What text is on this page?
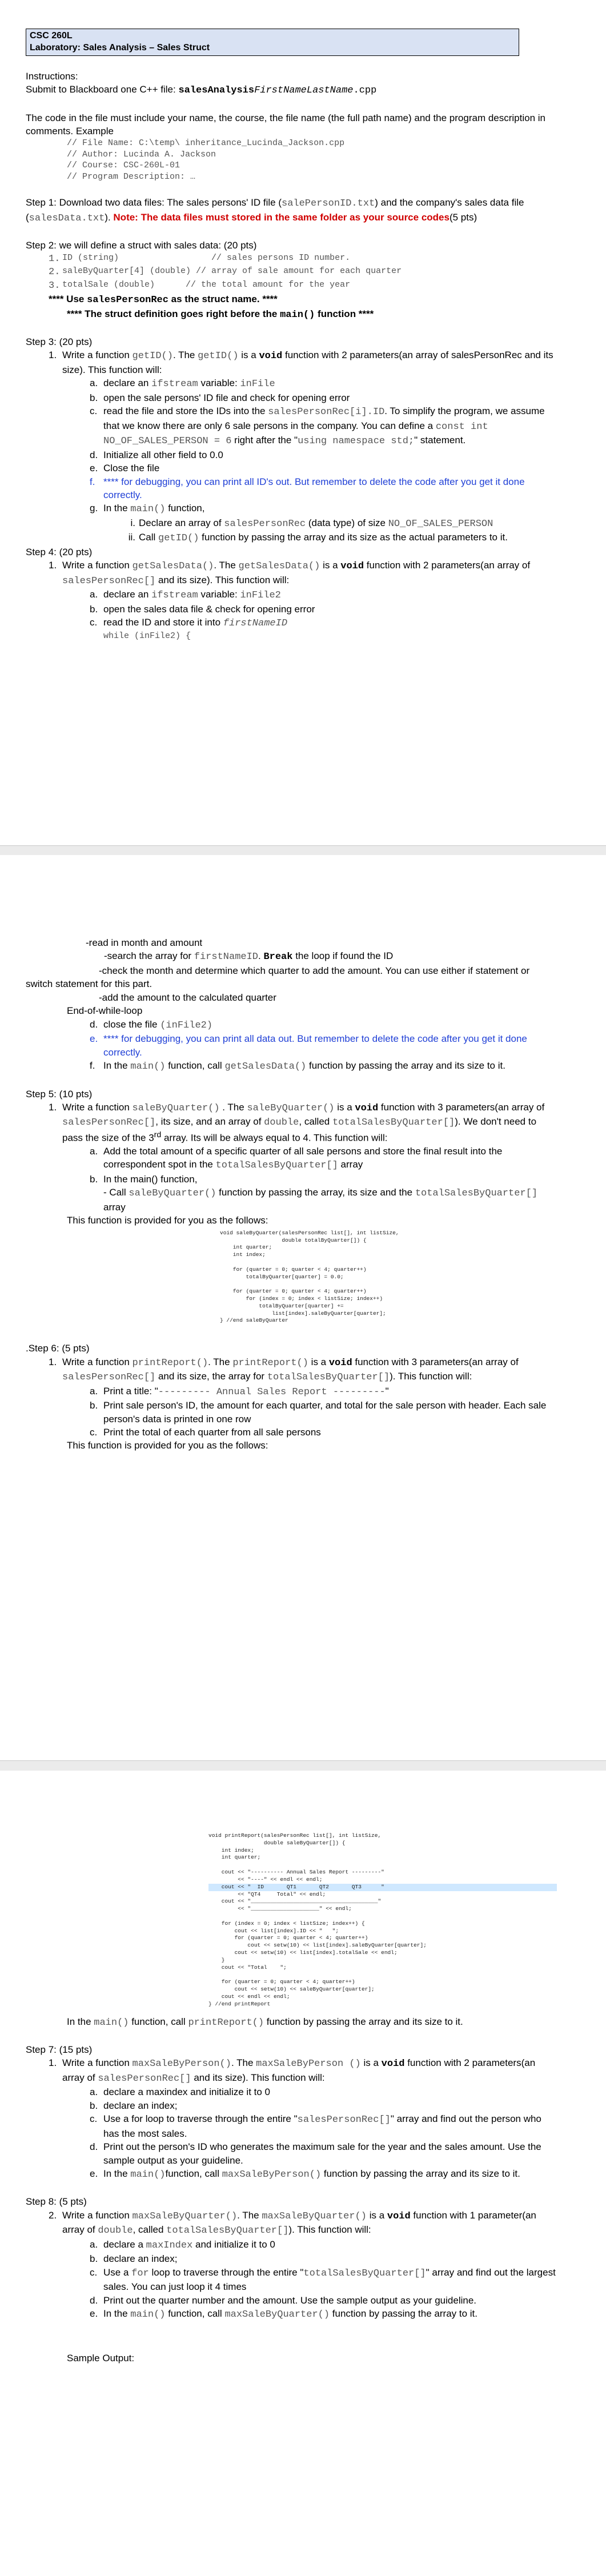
CSC 260L
Laboratory: Sales Analysis – Sales Struct

Instructions:

Submit to Blackboard one C++ file: salesAnalysisFirstNameLastName.cpp

The code in the file must include your name, the course, the file name (the full path name) and the program description in comments. Example

// File Name: C:\temp\ inheritance_Lucinda_Jackson.cpp
// Author: Lucinda A. Jackson
// Course: CSC-260L-01
// Program Description: …

Step 1: Download two data files: The sales persons' ID file (salePersonID.txt) and the company's sales data file (salesData.txt). Note: The data files must stored in the same folder as your source codes(5 pts)

Step 2: we will define a struct with sales data: (20 pts)

1. ID (string)                  // sales persons ID number.
2. saleByQuarter[4] (double) // array of sale amount for each quarter
3. totalSale (double)      // the total amount for the year

**** Use salesPersonRec as the struct name. ****

**** The struct definition goes right before the main() function ****

Step 3: (20 pts)

1. Write a function getID(). The getID() is a void function with 2 parameters(an array of salesPersonRec and its size). This function will:

a. declare an ifstream variable: inFile

b. open the sale persons' ID file and check for opening error

c. read the file and store the IDs into the salesPersonRec[i].ID. To simplify the program, we assume that we know there are only 6 sale persons in the company. You can define a const int NO_OF_SALES_PERSON = 6 right after the "using namespace std;" statement.

d. Initialize all other field to 0.0

e. Close the file

f. **** for debugging, you can print all ID's out. But remember to delete the code after you get it done correctly.

g. In the main() function,

i. Declare an array of salesPersonRec (data type) of size NO_OF_SALES_PERSON

ii. Call getID() function by passing the array and its size as the actual parameters to it.

Step 4: (20 pts)

1. Write a function getSalesData(). The getSalesData() is a void function with 2 parameters(an array of salesPersonRec[] and its size). This function will:

a. declare an ifstream variable: inFile2

b. open the sales data file & check for opening error

c. read the ID and store it into firstNameID

while (inFile2) {

-read in month and amount

-search the array for firstNameID. Break the loop if found the ID

-check the month and determine which quarter to add the amount. You can use either if statement or switch statement for this part.

-add the amount to the calculated quarter

End-of-while-loop

d. close the file (inFile2)

e. **** for debugging, you can print all data out. But remember to delete the code after you get it done correctly.

f. In the main() function, call getSalesData() function by passing the array and its size to it.

Step 5: (10 pts)

1. Write a function saleByQuarter() . The saleByQuarter() is a void function with 3 parameters(an array of salesPersonRec[], its size, and an array of double, called totalSalesByQuarter[]). We don't need to pass the size of the 3rd array. Its will be always equal to 4. This function will:

a. Add the total amount of a specific quarter of all sale persons and store the final result into the correspondent spot in the totalSalesByQuarter[] array

b. In the main() function,

- Call saleByQuarter() function by passing the array, its size and the totalSalesByQuarter[] array

This function is provided for you as the follows:

void saleByQuarter(salesPersonRec list[], int listSize,
double totalByQuarter[]) {
int quarter;
int index;

for (quarter = 0; quarter < 4; quarter++)
totalByQuarter[quarter] = 0.0;

for (quarter = 0; quarter < 4; quarter++)
for (index = 0; index < listSize; index++)
totalByQuarter[quarter] +=
list[index].saleByQuarter[quarter];
} //end saleByQuarter

.Step 6: (5 pts)

1. Write a function printReport(). The printReport() is a void function with 3 parameters(an array of salesPersonRec[] and its size, the array for totalSalesByQuarter[]). This function will:

a. Print a title: "--------- Annual Sales Report ---------"

b. Print sale person's ID, the amount for each quarter, and total for the sale person with header. Each sale person's data is printed in one row

c. Print the total of each quarter from all sale persons

This function is provided for you as the follows:

void printReport(salesPersonRec list[], int listSize,
double saleByQuarter[]) {
int index;
int quarter;

cout << "---------- Annual Sales Report ---------"
<< "----" << endl << endl;
cout << "  ID       QT1       QT2       QT3      "
<< "QT4     Total" << endl;
cout << "_______________________________________"
<< "_____________________" << endl;

for (index = 0; index < listSize; index++) {
cout << list[index].ID << "   ";
for (quarter = 0; quarter < 4; quarter++)
cout << setw(10) << list[index].saleByQuarter[quarter];
cout << setw(10) << list[index].totalSale << endl;
}
cout << "Total    ";

for (quarter = 0; quarter < 4; quarter++)
cout << setw(10) << saleByQuarter[quarter];
cout << endl << endl;
} //end printReport

In the main() function, call printReport() function by passing the array and its size to it.

Step 7: (15 pts)

1. Write a function maxSaleByPerson(). The maxSaleByPerson () is a void function with 2 parameters(an array of salesPersonRec[] and its size). This function will:

a. declare a maxindex and initialize it to 0

b. declare an index;

c. Use a for loop to traverse through the entire "salesPersonRec[]" array and find out the person who has the most sales.

d. Print out the person's ID who generates the maximum sale for the year and the sales amount. Use the sample output as your guideline.

e. In the main()function, call maxSaleByPerson() function by passing the array and its size to it.

Step 8: (5 pts)

2. Write a function maxSaleByQuarter(). The maxSaleByQuarter() is a void function with 1 parameter(an array of double, called totalSalesByQuarter[]). This function will:

a. declare a maxIndex and initialize it to 0

b. declare an index;

c. Use a for loop to traverse through the entire "totalSalesByQuarter[]" array and find out the largest sales. You can just loop it 4 times

d. Print out the quarter number and the amount. Use the sample output as your guideline.

e. In the main() function, call maxSaleByQuarter() function by passing the array to it.

Sample Output:
